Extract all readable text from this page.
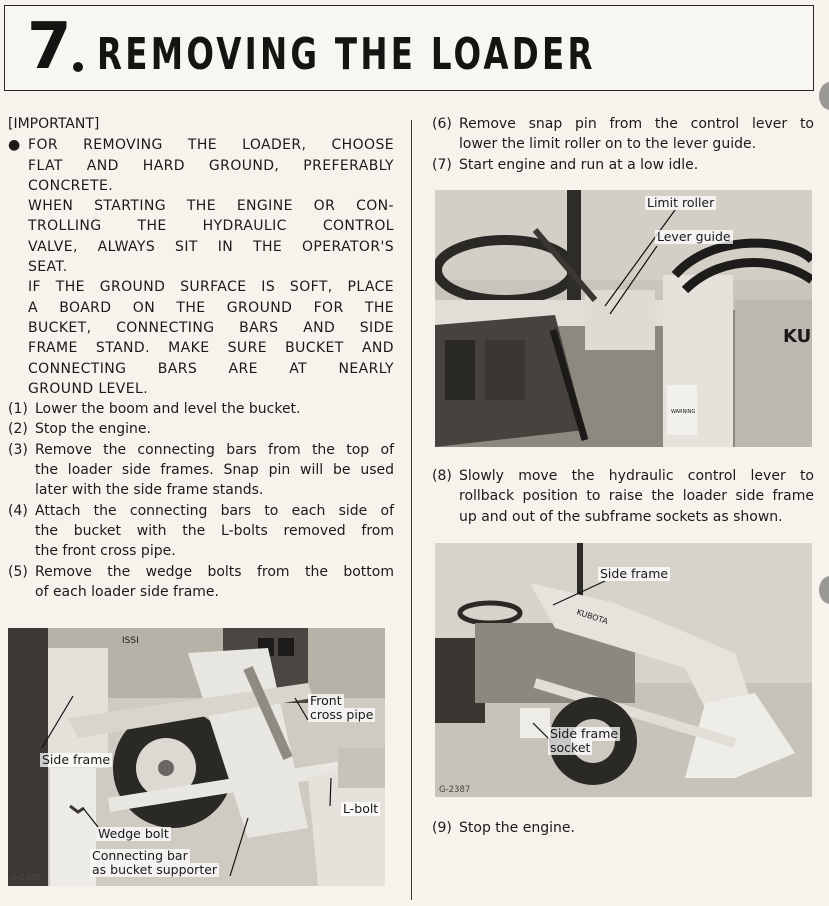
7 REMOVING THE LOADER

[IMPORTANT]

● FOR REMOVING THE LOADER, CHOOSE

FLAT AND HARD GROUND, PREFERABLY

CONCRETE.

WHEN STARTING THE ENGINE OR CON-

TROLLING THE HYDRAULIC CONTROL

VALVE, ALWAYS SIT IN THE OPERATOR'S

SEAT.

IF THE GROUND SURFACE IS SOFT, PLACE

A BOARD ON THE GROUND FOR THE

BUCKET, CONNECTING BARS AND SIDE

FRAME STAND. MAKE SURE BUCKET AND

CONNECTING BARS ARE AT NEARLY

GROUND LEVEL.

(1) Lower the boom and level the bucket.

(2) Stop the engine.

(3) Remove the connecting bars from the top of

the loader side frames. Snap pin will be used

later with the side frame stands.

(4) Attach the connecting bars to each side of

the bucket with the L-bolts removed from

the front cross pipe.

(5) Remove the wedge bolts from the bottom

of each loader side frame.

ISSI
Front
cross pipe
Side frame
L-bolt
Wedge bolt
Connecting bar
as bucket supporter
G-2386
(6) Remove snap pin from the control lever to

lower the limit roller on to the lever guide.

(7) Start engine and run at a low idle.

Limit roller
Lever guide
KU
WARNING
(8) Slowly move the hydraulic control lever to

rollback position to raise the loader side frame

up and out of the subframe sockets as shown.

Side frame
KUBOTA
Side frame
socket
G-2387
(9) Stop the engine.
